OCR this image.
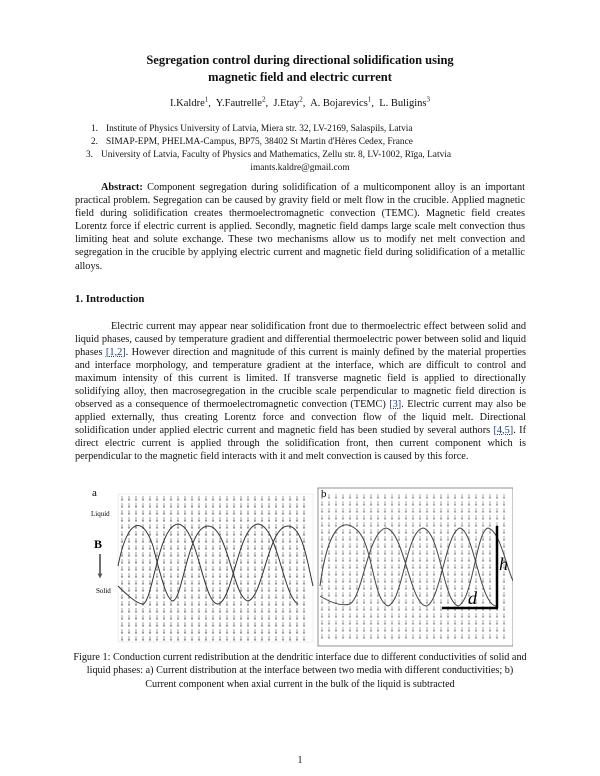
Segregation control during directional solidification using
magnetic field and electric current
I.Kaldre$^1$,  Y.Fautrelle$^2$,  J.Etay$^2$,  A. Bojarevics$^1$,  L. Buligins$^3$
1. Institute of Physics University of Latvia, Miera str. 32, LV-2169, Salaspils, Latvia
2. SIMAP-EPM, PHELMA-Campus, BP75, 38402 St Martin d'Hères Cedex, France
3. University of Latvia, Faculty of Physics and Mathematics, Zellu str. 8, LV-1002, Rīga, Latvia
imants.kaldre@gmail.com
Abstract: Component segregation during solidification of a multicomponent alloy is an important practical problem. Segregation can be caused by gravity field or melt flow in the crucible. Applied magnetic field during solidification creates thermoelectromagnetic convection (TEMC). Magnetic field creates Lorentz force if electric current is applied. Secondly, magnetic field damps large scale melt convection thus limiting heat and solute exchange. These two mechanisms allow us to modify net melt convection and segregation in the crucible by applying electric current and magnetic field during solidification of a metallic alloys.
1. Introduction
Electric current may appear near solidification front due to thermoelectric effect between solid and liquid phases, caused by temperature gradient and differential thermoelectric power between solid and liquid phases [1,2]. However direction and magnitude of this current is mainly defined by the material properties and interface morphology, and temperature gradient at the interface, which are difficult to control and maximum intensity of this current is limited. If transverse magnetic field is applied to directionally solidifying alloy, then macrosegregation in the crucible scale perpendicular to magnetic field direction is observed as a consequence of thermoelectromagnetic convection (TEMC) [3]. Electric current may also be applied externally, thus creating Lorentz force and convection flow of the liquid melt. Directional solidification under applied electric current and magnetic field has been studied by several authors [4,5]. If direct electric current is applied through the solidification front, then current component which is perpendicular to the magnetic field interacts with it and melt convection is caused by this force.
a
Liquid
B
Solid
b
h
d
Figure 1: Conduction current redistribution at the dendritic interface due to different conductivities of solid and liquid phases: a) Current distribution at the interface between two media with different conductivities; b) Current component when axial current in the bulk of the liquid is subtracted
1
